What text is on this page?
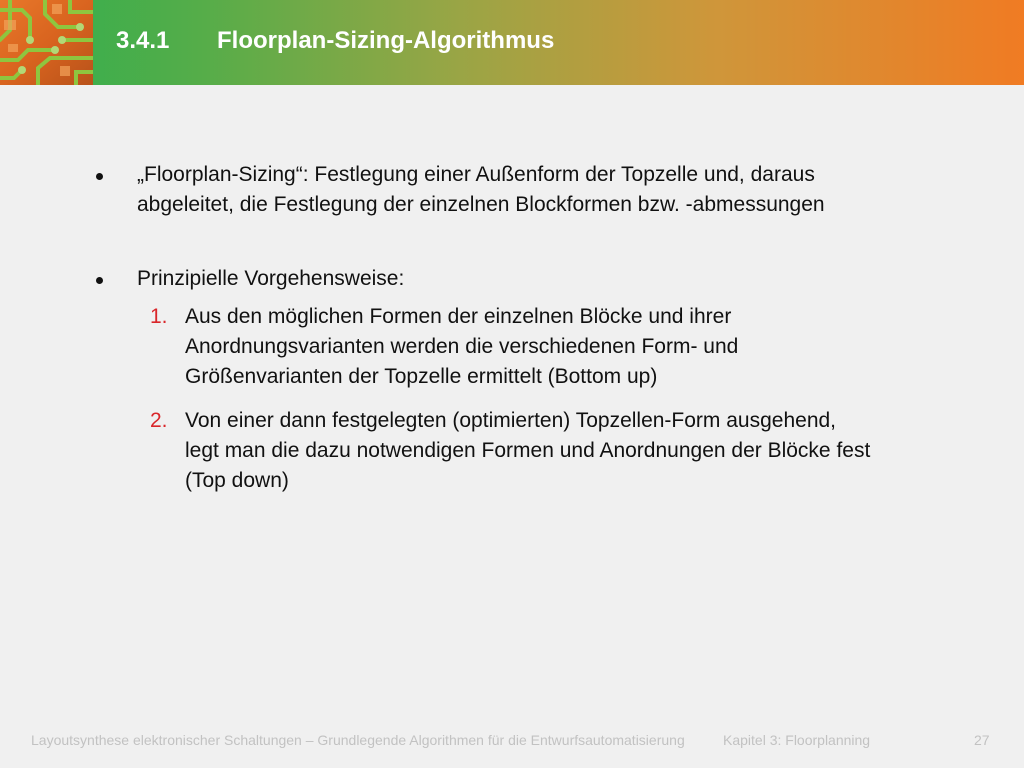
3.4.1 Floorplan-Sizing-Algorithmus
„Floorplan-Sizing“: Festlegung einer Außenform der Topzelle und, daraus
abgeleitet, die Festlegung der einzelnen Blockformen bzw. -abmessungen
Prinzipielle Vorgehensweise:
1. Aus den möglichen Formen der einzelnen Blöcke und ihrer
Anordnungsvarianten werden die verschiedenen Form- und
Größenvarianten der Topzelle ermittelt (Bottom up)
2. Von einer dann festgelegten (optimierten) Topzellen-Form ausgehend,
legt man die dazu notwendigen Formen und Anordnungen der Blöcke fest
(Top down)
Layoutsynthese elektronischer Schaltungen – Grundlegende Algorithmen für die Entwurfsautomatisierung	Kapitel 3: Floorplanning	27
